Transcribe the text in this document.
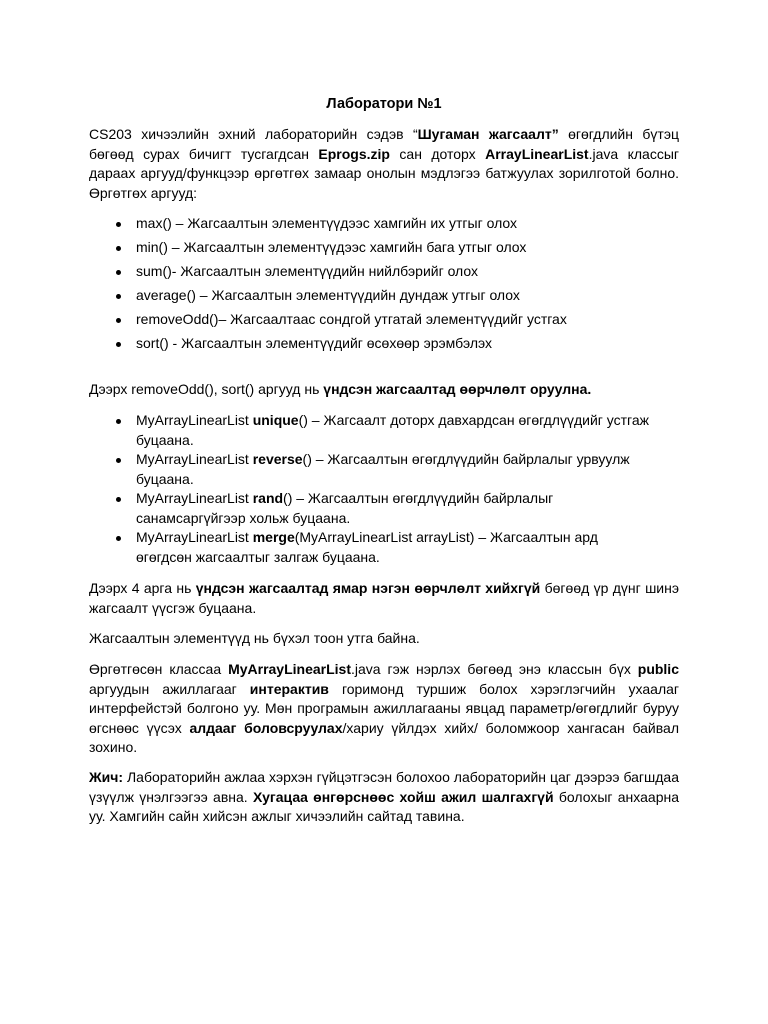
Лаборатори №1

CS203 хичээлийн эхний лабораторийн сэдэв “Шугаман жагсаалт” өгөгдлийн бүтэц бөгөөд сурах бичигт тусгагдсан Eprogs.zip сан доторх ArrayLinearList.java классыг дараах аргууд/функцээр өргөтгөх замаар онолын мэдлэгээ батжуулах зорилготой болно. Өргөтгөх аргууд:

max() – Жагсаалтын элементүүдээс хамгийн их утгыг олох
min() – Жагсаалтын элементүүдээс хамгийн бага утгыг олох
sum()- Жагсаалтын элементүүдийн нийлбэрийг олох
average() – Жагсаалтын элементүүдийн дундаж утгыг олох
removeOdd()– Жагсаалтаас сондгой утгатай элементүүдийг устгах
sort() - Жагсаалтын элементүүдийг өсөхөөр эрэмбэлэх

Дээрх removeOdd(), sort() аргууд нь үндсэн жагсаалтад өөрчлөлт оруулна.

MyArrayLinearList unique() – Жагсаалт доторх давхардсан өгөгдлүүдийг устгаж буцаана.
MyArrayLinearList reverse() – Жагсаалтын өгөгдлүүдийн байрлалыг урвуулж буцаана.
MyArrayLinearList rand() – Жагсаалтын өгөгдлүүдийн байрлалыг санамсаргүйгээр хольж буцаана.
MyArrayLinearList merge(MyArrayLinearList arrayList) – Жагсаалтын ард өгөгдсөн жагсаалтыг залгаж буцаана.

Дээрх 4 арга нь үндсэн жагсаалтад ямар нэгэн өөрчлөлт хийхгүй бөгөөд үр дүнг шинэ жагсаалт үүсгэж буцаана.

Жагсаалтын элементүүд нь бүхэл тоон утга байна.

Өргөтгөсөн классаа MyArrayLinearList.java гэж нэрлэх бөгөөд энэ классын бүх public аргуудын ажиллагааг интерактив горимонд туршиж болох хэрэглэгчийн ухаалаг интерфейстэй болгоно уу. Мөн програмын ажиллагааны явцад параметр/өгөгдлийг буруу өгснөөс үүсэх алдааг боловсруулах/хариу үйлдэх хийх/ боломжоор хангасан байвал зохино.

Жич: Лабораторийн ажлаа хэрхэн гүйцэтгэсэн болохоо лабораторийн цаг дээрээ багшдаа үзүүлж үнэлгээгээ авна. Хугацаа өнгөрснөөс хойш ажил шалгахгүй болохыг анхаарна уу. Хамгийн сайн хийсэн ажлыг хичээлийн сайтад тавина.
